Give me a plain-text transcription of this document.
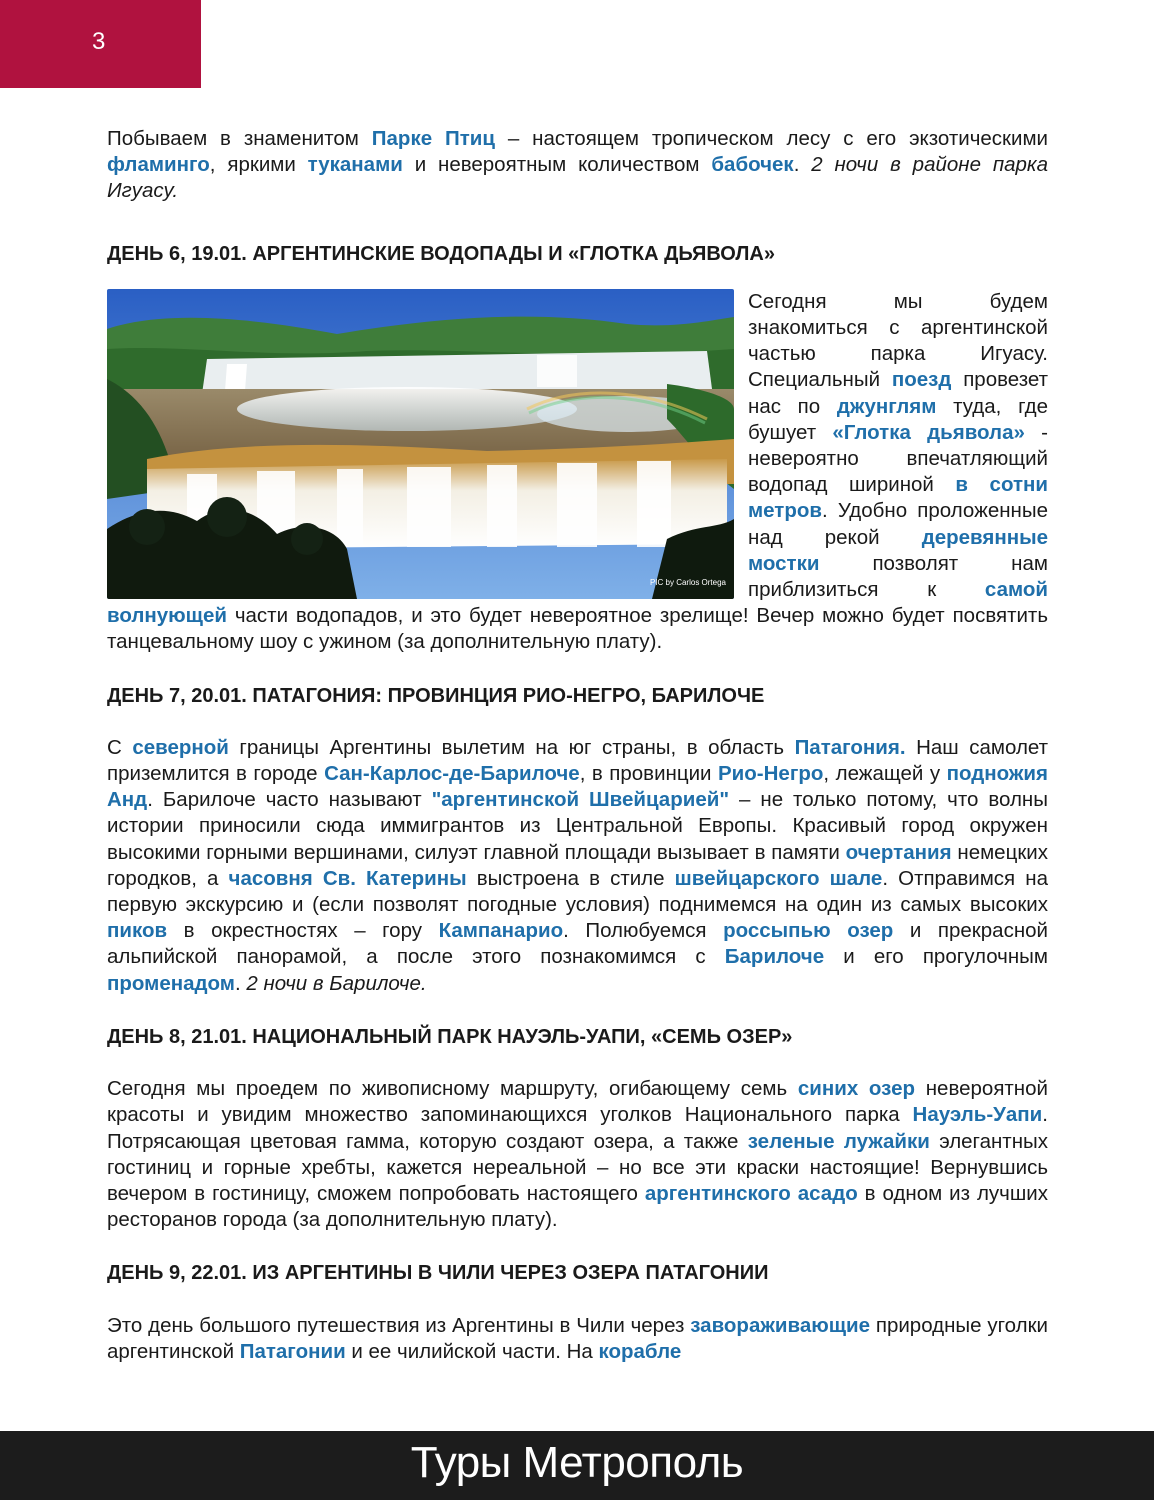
3

Побываем в знаменитом Парке Птиц – настоящем тропическом лесу с его экзотическими фламинго, яркими туканами и невероятным количеством бабочек. 2 ночи в районе парка Игуасу.

ДЕНЬ 6, 19.01. АРГЕНТИНСКИЕ ВОДОПАДЫ И «ГЛОТКА ДЬЯВОЛА»
PIC by Carlos Ortega

Сегодня мы будем знакомиться с аргентинской частью парка Игуасу. Специальный поезд провезет нас по джунглям туда, где бушует «Глотка дьявола» - невероятно впечатляющий водопад шириной в сотни метров. Удобно проложенные над рекой деревянные мостки позволят нам приблизиться к самой волнующей части водопадов, и это будет невероятное зрелище! Вечер можно будет посвятить танцевальному шоу с ужином (за дополнительную плату).

ДЕНЬ 7, 20.01. ПАТАГОНИЯ: ПРОВИНЦИЯ РИО-НЕГРО, БАРИЛОЧЕ

С северной границы Аргентины вылетим на юг страны, в область Патагония. Наш самолет приземлится в городе Сан-Карлос-де-Барилоче, в провинции Рио-Негро, лежащей у подножия Анд. Барилоче часто называют "аргентинской Швейцарией" – не только потому, что волны истории приносили сюда иммигрантов из Центральной Европы. Красивый город окружен высокими горными вершинами, силуэт главной площади вызывает в памяти очертания немецких городков, а часовня Св. Катерины выстроена в стиле швейцарского шале. Отправимся на первую экскурсию и (если позволят погодные условия) поднимемся на один из самых высоких пиков в окрестностях – гору Кампанарио. Полюбуемся россыпью озер и прекрасной альпийской панорамой, а после этого познакомимся с Барилоче и его прогулочным променадом. 2 ночи в Барилоче.

ДЕНЬ 8, 21.01. НАЦИОНАЛЬНЫЙ ПАРК НАУЭЛЬ-УАПИ, «СЕМЬ ОЗЕР»

Сегодня мы проедем по живописному маршруту, огибающему семь синих озер невероятной красоты и увидим множество запоминающихся уголков Национального парка Науэль-Уапи. Потрясающая цветовая гамма, которую создают озера, а также зеленые лужайки элегантных гостиниц и горные хребты, кажется нереальной – но все эти краски настоящие! Вернувшись вечером в гостиницу, сможем попробовать настоящего аргентинского асадо в одном из лучших ресторанов города (за дополнительную плату).

ДЕНЬ 9, 22.01. ИЗ АРГЕНТИНЫ В ЧИЛИ ЧЕРЕЗ ОЗЕРА ПАТАГОНИИ

Это день большого путешествия из Аргентины в Чили через завораживающие природные уголки аргентинской Патагонии и ее чилийской части. На корабле

Туры Метрополь
